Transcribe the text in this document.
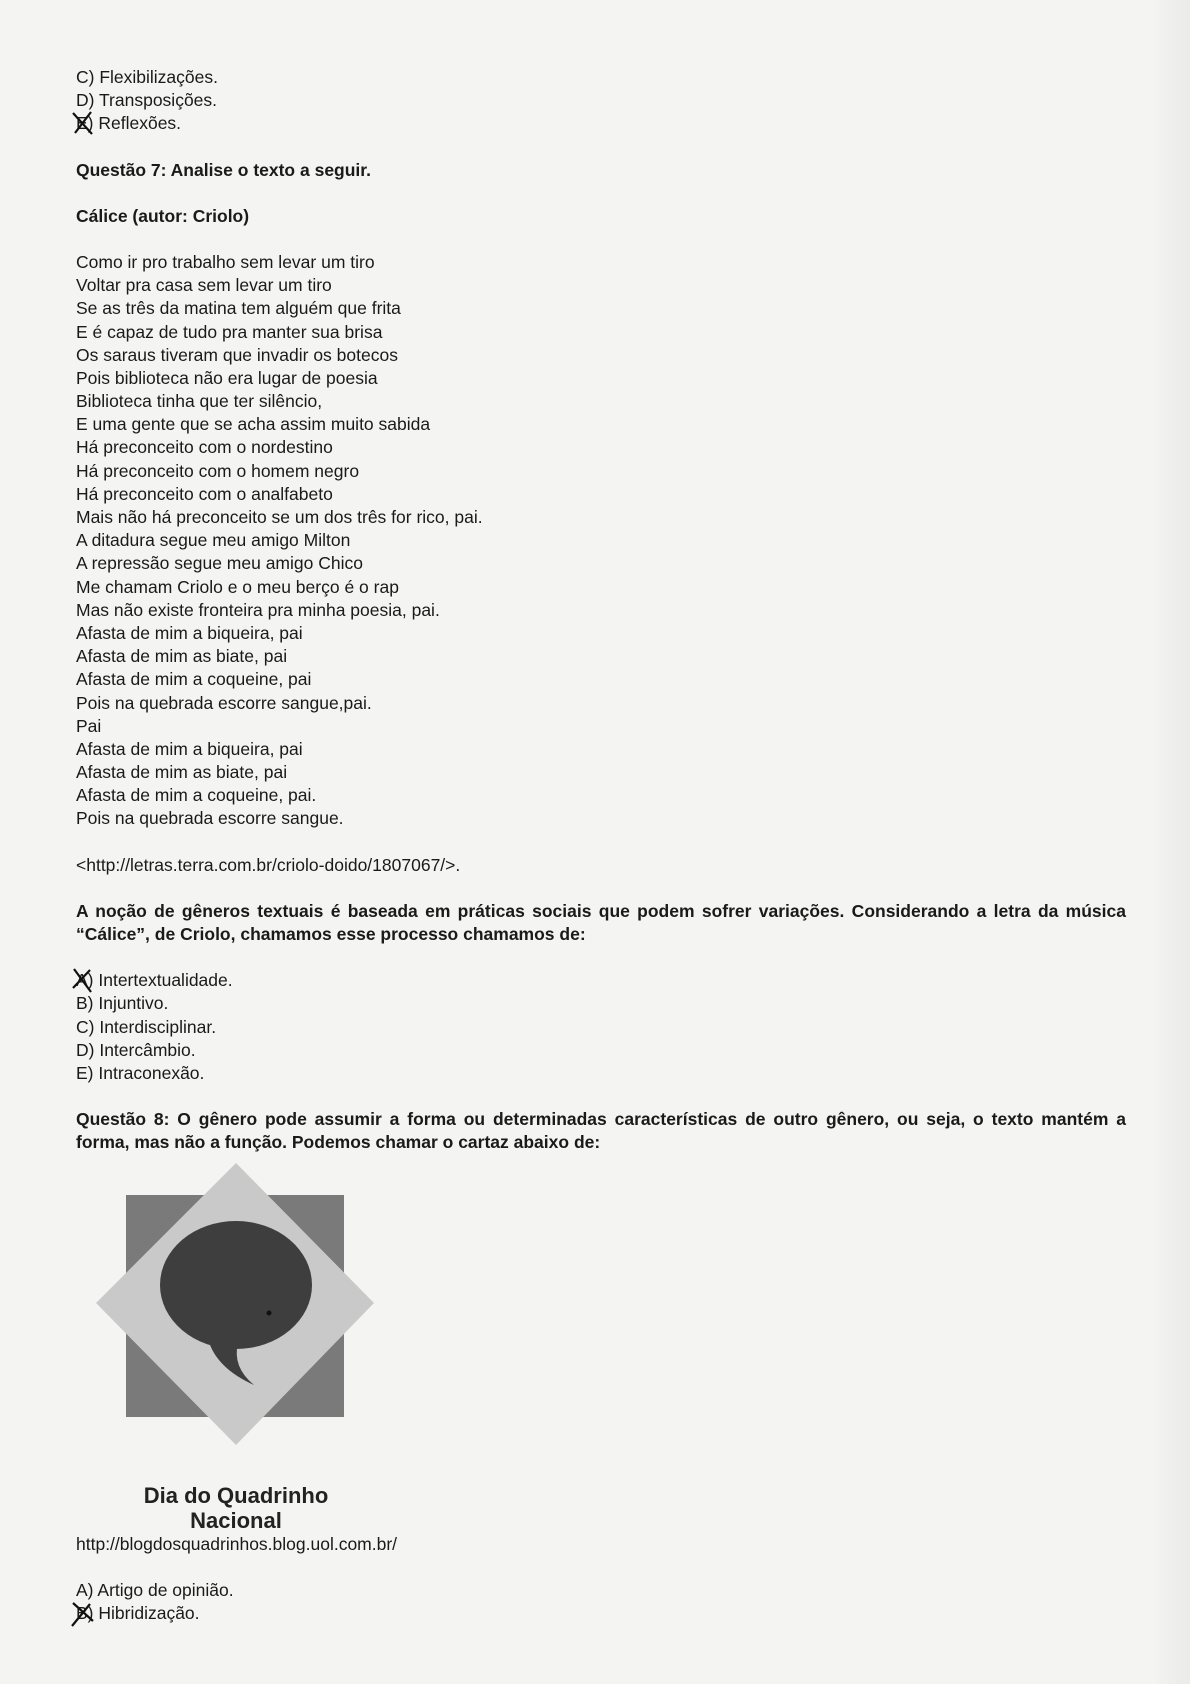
C) Flexibilizações.
D) Transposições.
E) Reflexões.
Questão 7: Analise o texto a seguir.
Cálice (autor: Criolo)
Como ir pro trabalho sem levar um tiro
Voltar pra casa sem levar um tiro
Se as três da matina tem alguém que frita
E é capaz de tudo pra manter sua brisa
Os saraus tiveram que invadir os botecos
Pois biblioteca não era lugar de poesia
Biblioteca tinha que ter silêncio,
E uma gente que se acha assim muito sabida
Há preconceito com o nordestino
Há preconceito com o homem negro
Há preconceito com o analfabeto
Mais não há preconceito se um dos três for rico, pai.
A ditadura segue meu amigo Milton
A repressão segue meu amigo Chico
Me chamam Criolo e o meu berço é o rap
Mas não existe fronteira pra minha poesia, pai.
Afasta de mim a biqueira, pai
Afasta de mim as biate, pai
Afasta de mim a coqueine, pai
Pois na quebrada escorre sangue,pai.
Pai
Afasta de mim a biqueira, pai
Afasta de mim as biate, pai
Afasta de mim a coqueine, pai.
Pois na quebrada escorre sangue.
<http://letras.terra.com.br/criolo-doido/1807067/>.
A noção de gêneros textuais é baseada em práticas sociais que podem sofrer variações. Considerando a letra da música “Cálice”, de Criolo, chamamos esse processo chamamos de:
A) Intertextualidade.
B) Injuntivo.
C) Interdisciplinar.
D) Intercâmbio.
E) Intraconexão.
Questão 8: O gênero pode assumir a forma ou determinadas características de outro gênero, ou seja, o texto mantém a forma, mas não a função. Podemos chamar o cartaz abaixo de:
Dia do Quadrinho
Nacional
http://blogdosquadrinhos.blog.uol.com.br/
A) Artigo de opinião.
B) Hibridização.
